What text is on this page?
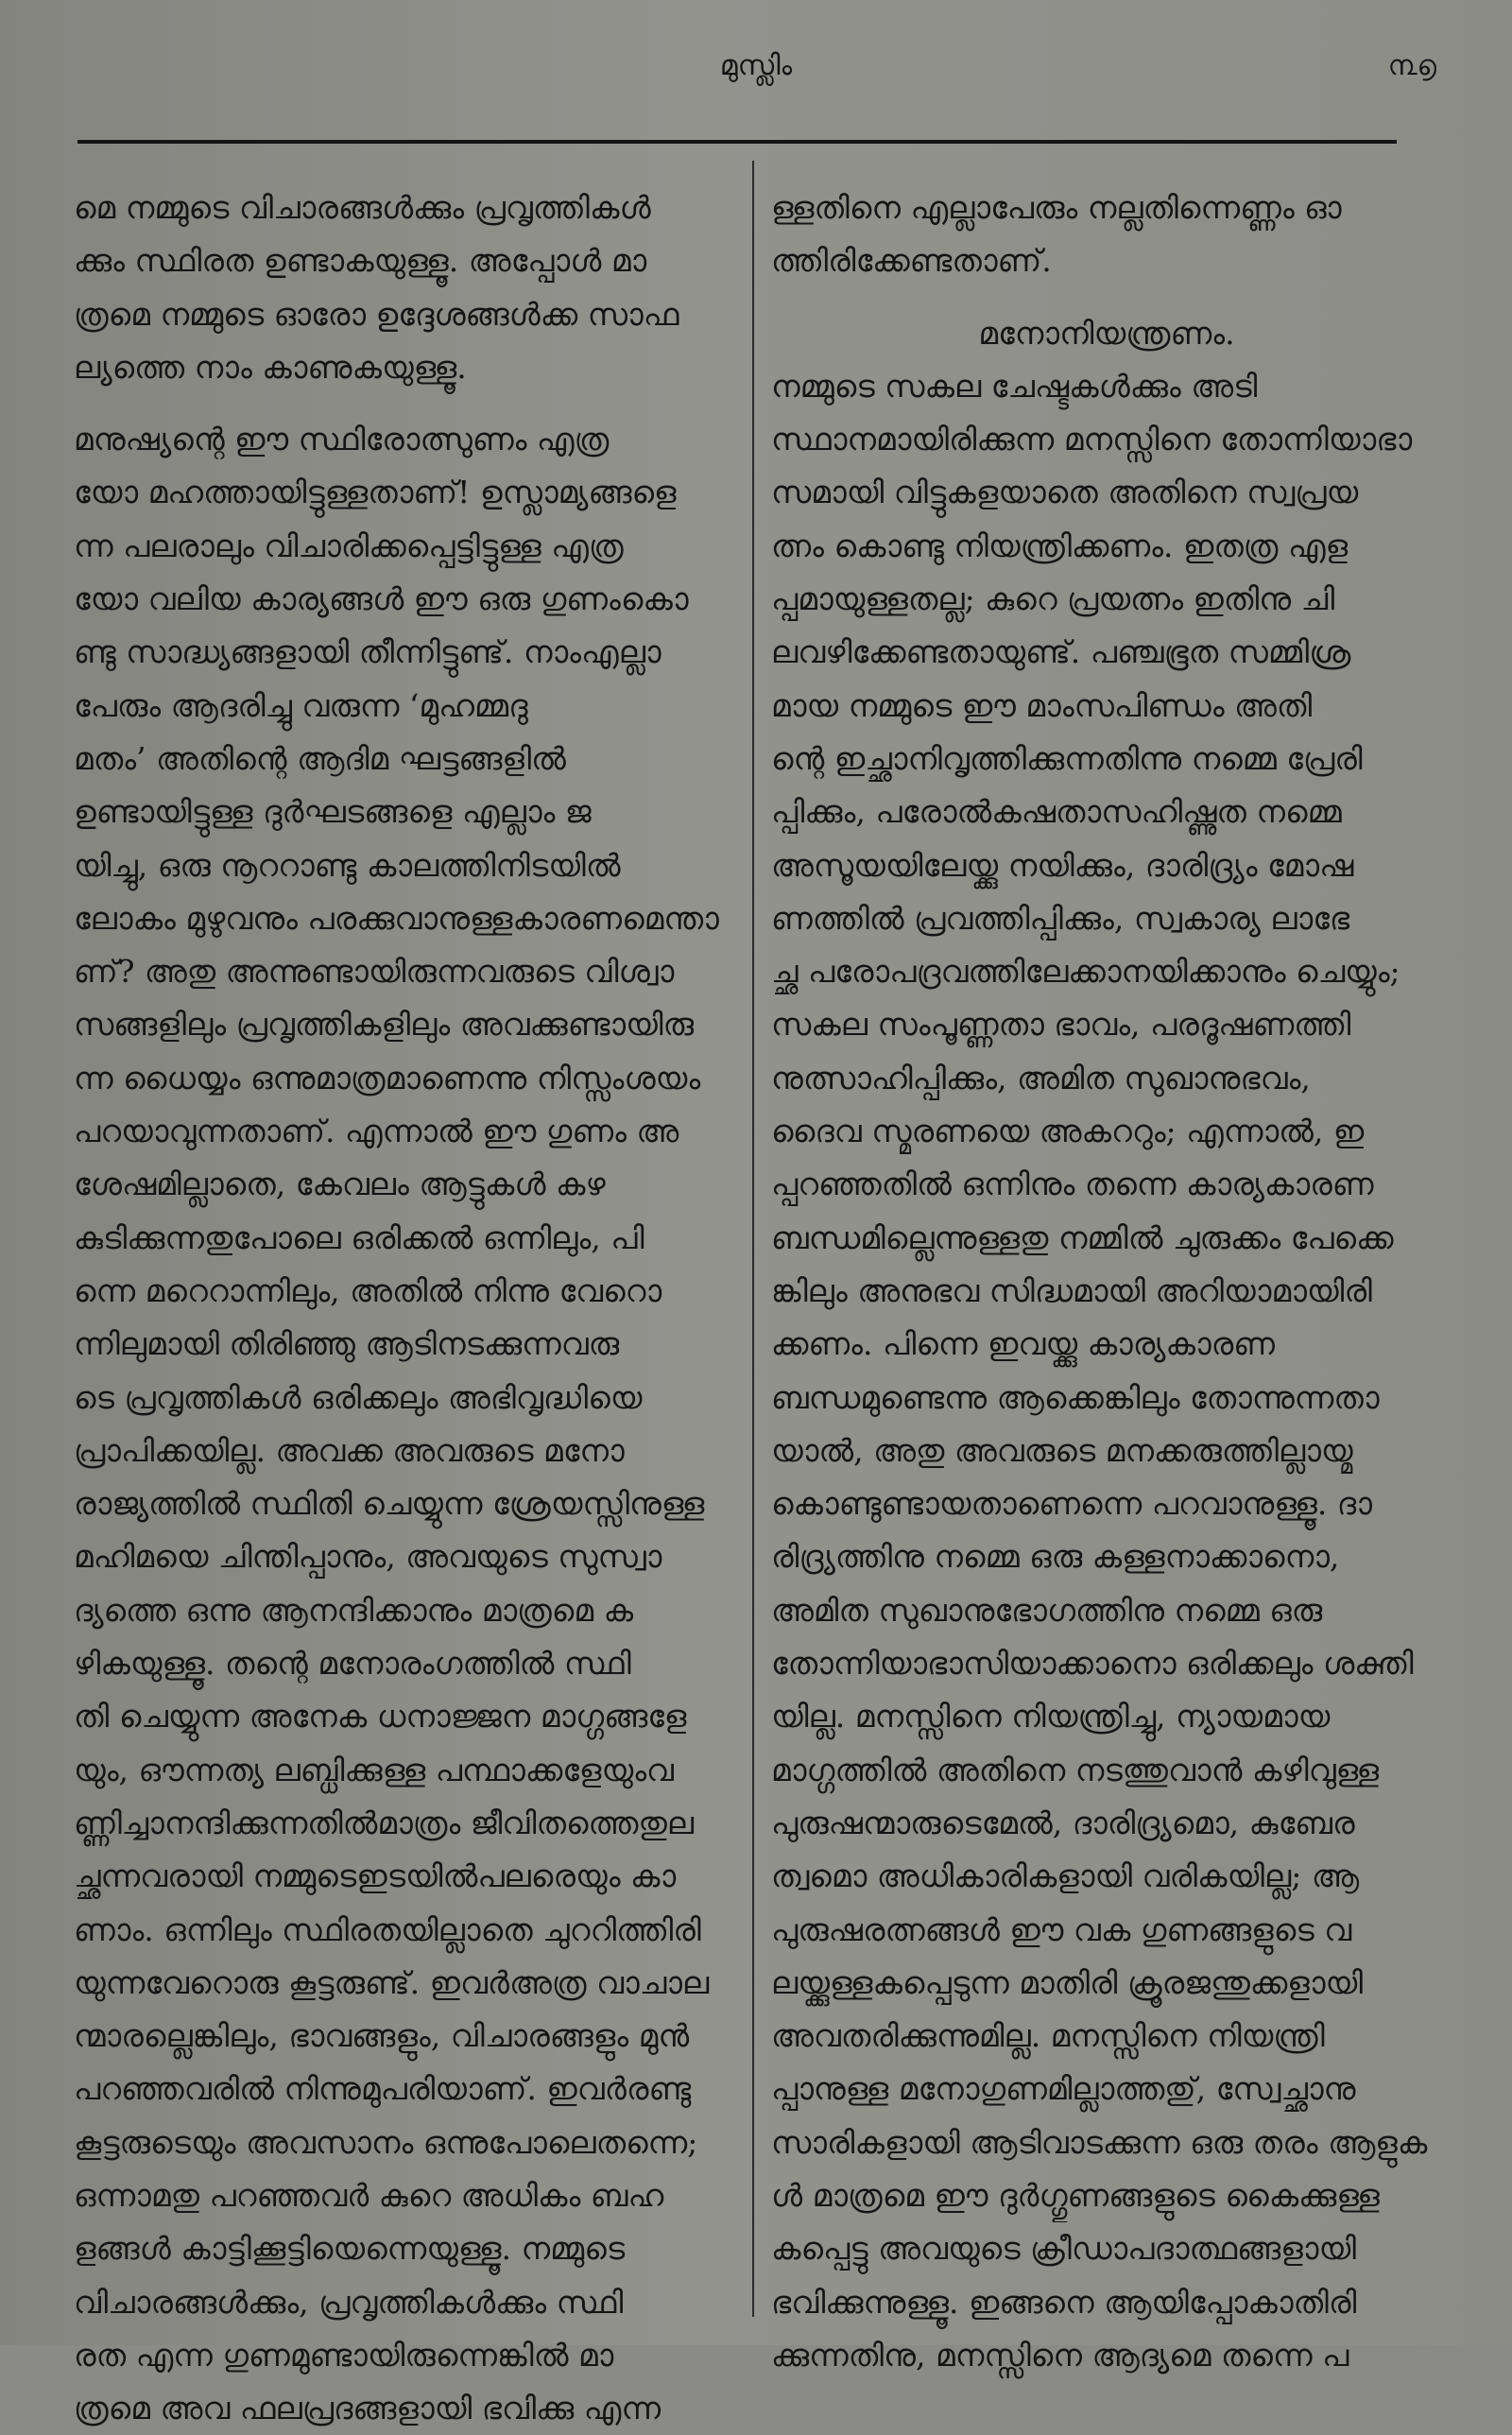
മുസ്ലിം	൩൭
മെ നമ്മുടെ വിചാരങ്ങൾക്കും പ്രവൃത്തികൾ
ക്കും സ്ഥിരത ഉണ്ടാകയുള്ളൂ. അപ്പോൾ മാ
ത്രമെ നമ്മുടെ ഓരോ ഉദ്ദേശങ്ങൾക്ക സാഫ
ല്യത്തെ നാം കാണുകയുള്ളൂ.
മനുഷ്യന്റെ ഈ സ്ഥിരോത്സുണം എത്ര
യോ മഹത്തായിട്ടുള്ളതാണ്! ഉസ്ലാമ്യങ്ങളെ
ന്ന പലരാലും വിചാരിക്കപ്പെട്ടിട്ടുള്ള എത്ര
യോ വലിയ കാര്യങ്ങൾ ഈ ഒരു ഗുണംകൊ
ണ്ടു സാദ്ധ്യങ്ങളായി തീന്നിട്ടുണ്ട്. നാംഎല്ലാ
പേരും ആദരിച്ചു വരുന്ന ‘മുഹമ്മദു
മതം’ അതിന്റെ ആദിമ ഘട്ടങ്ങളിൽ
ഉണ്ടായിട്ടുള്ള ദുർഘടങ്ങളെ എല്ലാം ജ
യിച്ചു, ഒരു നൂററാണ്ടു കാലത്തിനിടയിൽ
ലോകം മുഴുവനും പരക്കുവാനുള്ളകാരണമെന്താ
ണ്? അതു അന്നുണ്ടായിരുന്നവരുടെ വിശ്വാ
സങ്ങളിലും പ്രവൃത്തികളിലും അവക്കുണ്ടായിരു
ന്ന ധൈയ്യം ഒന്നുമാത്രമാണെന്നു നിസ്സംശയം
പറയാവുന്നതാണ്. എന്നാൽ ഈ ഗുണം അ
ശേഷമില്ലാതെ, കേവലം ആട്ടുകൾ കഴ
കുടിക്കുന്നതുപോലെ ഒരിക്കൽ ഒന്നിലും, പി
ന്നെ മറെറാന്നിലും, അതിൽ നിന്നു വേറൊ
ന്നിലുമായി തിരിഞ്ഞു ആടിനടക്കുന്നവരു
ടെ പ്രവൃത്തികൾ ഒരിക്കലും അഭിവൃദ്ധിയെ
പ്രാപിക്കയില്ല. അവക്ക അവരുടെ മനോ
രാജ്യത്തിൽ സ്ഥിതി ചെയ്യുന്ന ശ്രേയസ്സിനുള്ള
മഹിമയെ ചിന്തിപ്പാനും, അവയുടെ സുസ്വാ
ദ്യത്തെ ഒന്നു ആനന്ദിക്കാനും മാത്രമെ ക
ഴികയുള്ളൂ. തന്റെ മനോരംഗത്തിൽ സ്ഥി
തി ചെയ്യുന്ന അനേക ധനാജ്ജന മാഗ്ഗങ്ങളേ
യും, ഔന്നത്യ ലബ്ധിക്കുള്ള പന്ഥാക്കളേയുംവ
ണ്ണിച്ചാനന്ദിക്കുന്നതിൽമാത്രം ജീവിതത്തെതുല
ച്ഛന്നവരായി നമ്മുടെഇടയിൽപലരെയും കാ
ണാം. ഒന്നിലും സ്ഥിരതയില്ലാതെ ചുററിത്തിരി
യുന്നവേറൊരു കൂട്ടരുണ്ട്. ഇവർഅത്ര വാചാല
ന്മാരല്ലെങ്കിലും, ഭാവങ്ങളും, വിചാരങ്ങളും മുൻ
പറഞ്ഞവരിൽ നിന്നുമുപരിയാണ്. ഇവർരണ്ടു
കൂട്ടരുടെയും അവസാനം ഒന്നുപോലെതന്നെ;
ഒന്നാമതു പറഞ്ഞവർ കുറെ അധികം ബഹ
ളങ്ങൾ കാട്ടിക്കൂട്ടിയെന്നെയുള്ളൂ. നമ്മുടെ
വിചാരങ്ങൾക്കും, പ്രവൃത്തികൾക്കും സ്ഥി
രത എന്ന ഗുണമുണ്ടായിരുന്നെങ്കിൽ മാ
ത്രമെ അവ ഫലപ്രദങ്ങളായി ഭവിക്കു എന്ന
ള്ളതിനെ എല്ലാപേരും നല്ലതിന്നെണ്ണം ഓ
ത്തിരിക്കേണ്ടതാണ്.
മനോനിയന്ത്രണം.
നമ്മുടെ സകല ചേഷ്ടകൾക്കും അടി
സ്ഥാനമായിരിക്കുന്ന മനസ്സിനെ തോന്നിയാഭാ
സമായി വിട്ടുകളയാതെ അതിനെ സ്വപ്രയ
ത്നം കൊണ്ടു നിയന്ത്രിക്കണം. ഇതത്ര എള
പ്പമായുള്ളതല്ല; കുറെ പ്രയത്നം ഇതിനു ചി
ലവഴിക്കേണ്ടതായുണ്ട്. പഞ്ചഭൂത സമ്മിശ്ര
മായ നമ്മുടെ ഈ മാംസപിണ്ഡം അതി
ന്റെ ഇച്ഛാനിവൃത്തിക്കുന്നതിന്നു നമ്മെ പ്രേരി
പ്പിക്കും, പരോൽകഷതാസഹിഷ്ണുത നമ്മെ
അസൂയയിലേയ്ക്കു നയിക്കും, ദാരിദ്ര്യം മോഷ
ണത്തിൽ പ്രവത്തിപ്പിക്കും, സ്വകാര്യ ലാഭേ
ച്ഛ പരോപദ്രവത്തിലേക്കാനയിക്കാനും ചെയ്യും;
സകല സംപൂണ്ണതാ ഭാവം, പരദൂഷണത്തി
നുത്സാഹിപ്പിക്കും, അമിത സുഖാനുഭവം,
ദൈവ സ്മരണയെ അകററും; എന്നാൽ, ഇ
പ്പറഞ്ഞതിൽ ഒന്നിനും തന്നെ കാര്യകാരണ
ബന്ധമില്ലെന്നുള്ളതു നമ്മിൽ ചുരുക്കം പേക്കെ
ങ്കിലും അനുഭവ സിദ്ധമായി അറിയാമായിരി
ക്കണം. പിന്നെ ഇവയ്ക്കു കാര്യകാരണ
ബന്ധമുണ്ടെന്നു ആക്കെങ്കിലും തോന്നുന്നതാ
യാൽ, അതു അവരുടെ മനക്കരുത്തില്ലായ്മ
കൊണ്ടുണ്ടായതാണെന്നെ പറവാനുള്ളൂ. ദാ
രിദ്ര്യത്തിനു നമ്മെ ഒരു കള്ളനാക്കാനൊ,
അമിത സുഖാനുഭോഗത്തിനു നമ്മെ ഒരു
തോന്നിയാഭാസിയാക്കാനൊ ഒരിക്കലും ശക്തി
യില്ല. മനസ്സിനെ നിയന്ത്രിച്ചു, ന്യായമായ
മാഗ്ഗത്തിൽ അതിനെ നടത്തുവാൻ കഴിവുള്ള
പുരുഷന്മാരുടെമേൽ, ദാരിദ്ര്യമൊ, കുബേര
ത്വമൊ അധികാരികളായി വരികയില്ല; ആ
പുരുഷരത്നങ്ങൾ ഈ വക ഗുണങ്ങളുടെ വ
ലയ്ക്കുള്ളകപ്പെടുന്ന മാതിരി ക്രൂരജന്തുക്കളായി
അവതരിക്കുന്നുമില്ല. മനസ്സിനെ നിയന്ത്രി
പ്പാനുള്ള മനോഗുണമില്ലാത്തതു്, സ്വേച്ഛാനു
സാരികളായി ആടിവാടക്കുന്ന ഒരു തരം ആളുക
ൾ മാത്രമെ ഈ ദുർഗ്ഗുണങ്ങളുടെ കൈക്കുള്ള
കപ്പെട്ടു അവയുടെ ക്രീഡാപദാത്ഥങ്ങളായി
ഭവിക്കുന്നുള്ളൂ. ഇങ്ങനെ ആയിപ്പോകാതിരി
ക്കുന്നതിനു, മനസ്സിനെ ആദ്യമെ തന്നെ പ
